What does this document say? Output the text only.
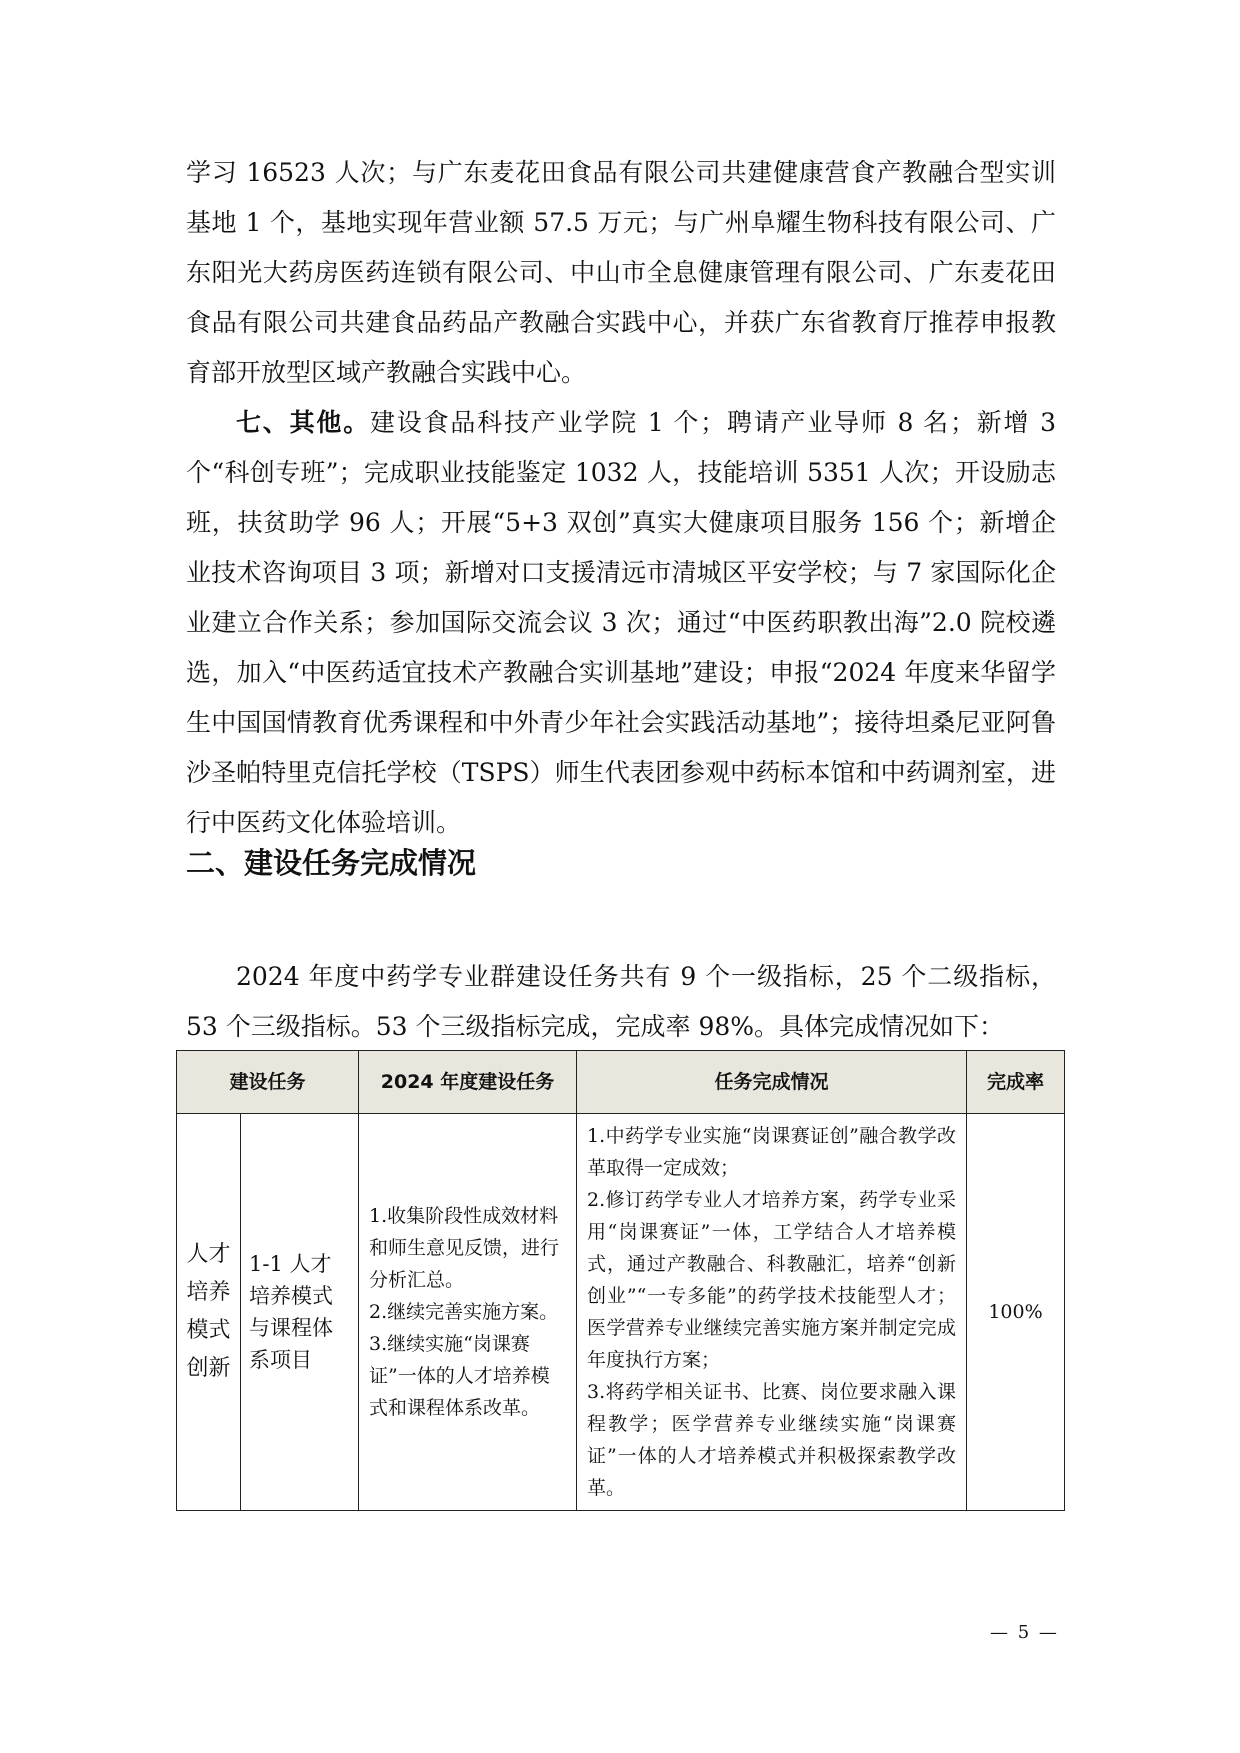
学习 16523 人次；与广东麦花田食品有限公司共建健康营食产教融合型实训基地 1 个，基地实现年营业额 57.5 万元；与广州阜耀生物科技有限公司、广东阳光大药房医药连锁有限公司、中山市全息健康管理有限公司、广东麦花田食品有限公司共建食品药品产教融合实践中心，并获广东省教育厅推荐申报教育部开放型区域产教融合实践中心。

七、其他。建设食品科技产业学院 1 个；聘请产业导师 8 名；新增 3 个“科创专班”；完成职业技能鉴定 1032 人，技能培训 5351 人次；开设励志班，扶贫助学 96 人；开展“5+3 双创”真实大健康项目服务 156 个；新增企业技术咨询项目 3 项；新增对口支援清远市清城区平安学校；与 7 家国际化企业建立合作关系；参加国际交流会议 3 次；通过“中医药职教出海”2.0 院校遴选，加入“中医药适宜技术产教融合实训基地”建设；申报“2024 年度来华留学生中国国情教育优秀课程和中外青少年社会实践活动基地”；接待坦桑尼亚阿鲁沙圣帕特里克信托学校（TSPS）师生代表团参观中药标本馆和中药调剂室，进行中医药文化体验培训。

二、建设任务完成情况

2024 年度中药学专业群建设任务共有 9 个一级指标，25 个二级指标，53 个三级指标。53 个三级指标完成，完成率 98%。具体完成情况如下：

建设任务		2024 年度建设任务	任务完成情况	完成率
人才培养模式创新	1-1 人才培养模式与课程体系项目	1.收集阶段性成效材料和师生意见反馈，进行分析汇总。
2.继续完善实施方案。
3.继续实施“岗课赛证”一体的人才培养模式和课程体系改革。	1.中药学专业实施“岗课赛证创”融合教学改革取得一定成效；
2.修订药学专业人才培养方案，药学专业采用“岗课赛证”一体，工学结合人才培养模式，通过产教融合、科教融汇，培养“创新创业”“一专多能”的药学技术技能型人才；医学营养专业继续完善实施方案并制定完成年度执行方案；
3.将药学相关证书、比赛、岗位要求融入课程教学；医学营养专业继续实施“岗课赛证”一体的人才培养模式并积极探索教学改革。	100%
— 5 —
